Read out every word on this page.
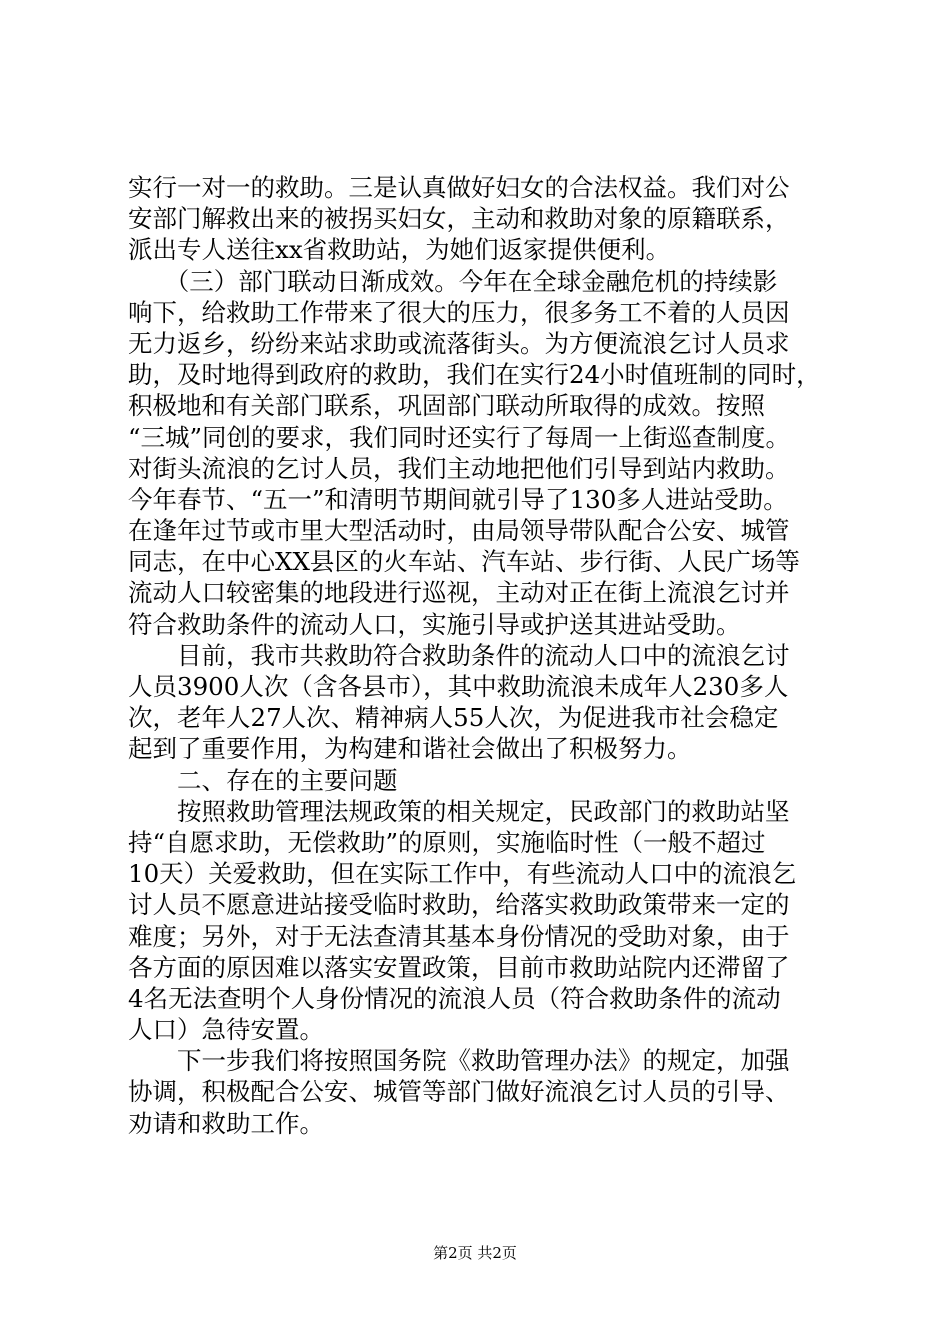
实行一对一的救助。三是认真做好妇女的合法权益。我们对公
安部门解救出来的被拐买妇女，主动和救助对象的原籍联系，
派出专人送往xx省救助站，为她们返家提供便利。
　　（三）部门联动日渐成效。今年在全球金融危机的持续影
响下，给救助工作带来了很大的压力，很多务工不着的人员因
无力返乡，纷纷来站求助或流落街头。为方便流浪乞讨人员求
助，及时地得到政府的救助，我们在实行24小时值班制的同时，
积极地和有关部门联系，巩固部门联动所取得的成效。按照
“三城”同创的要求，我们同时还实行了每周一上街巡查制度。
对街头流浪的乞讨人员，我们主动地把他们引导到站内救助。
今年春节、“五一”和清明节期间就引导了130多人进站受助。
在逢年过节或市里大型活动时，由局领导带队配合公安、城管
同志，在中心XX县区的火车站、汽车站、步行街、人民广场等
流动人口较密集的地段进行巡视，主动对正在街上流浪乞讨并
符合救助条件的流动人口，实施引导或护送其进站受助。
　　目前，我市共救助符合救助条件的流动人口中的流浪乞讨
人员3900人次（含各县市），其中救助流浪未成年人230多人
次，老年人27人次、精神病人55人次，为促进我市社会稳定
起到了重要作用，为构建和谐社会做出了积极努力。
　　二、存在的主要问题
　　按照救助管理法规政策的相关规定，民政部门的救助站坚
持“自愿求助，无偿救助”的原则，实施临时性（一般不超过
10天）关爱救助，但在实际工作中，有些流动人口中的流浪乞
讨人员不愿意进站接受临时救助，给落实救助政策带来一定的
难度；另外，对于无法查清其基本身份情况的受助对象，由于
各方面的原因难以落实安置政策，目前市救助站院内还滞留了
4名无法查明个人身份情况的流浪人员（符合救助条件的流动
人口）急待安置。
　　下一步我们将按照国务院《救助管理办法》的规定，加强
协调，积极配合公安、城管等部门做好流浪乞讨人员的引导、
劝请和救助工作。
第2页 共2页
